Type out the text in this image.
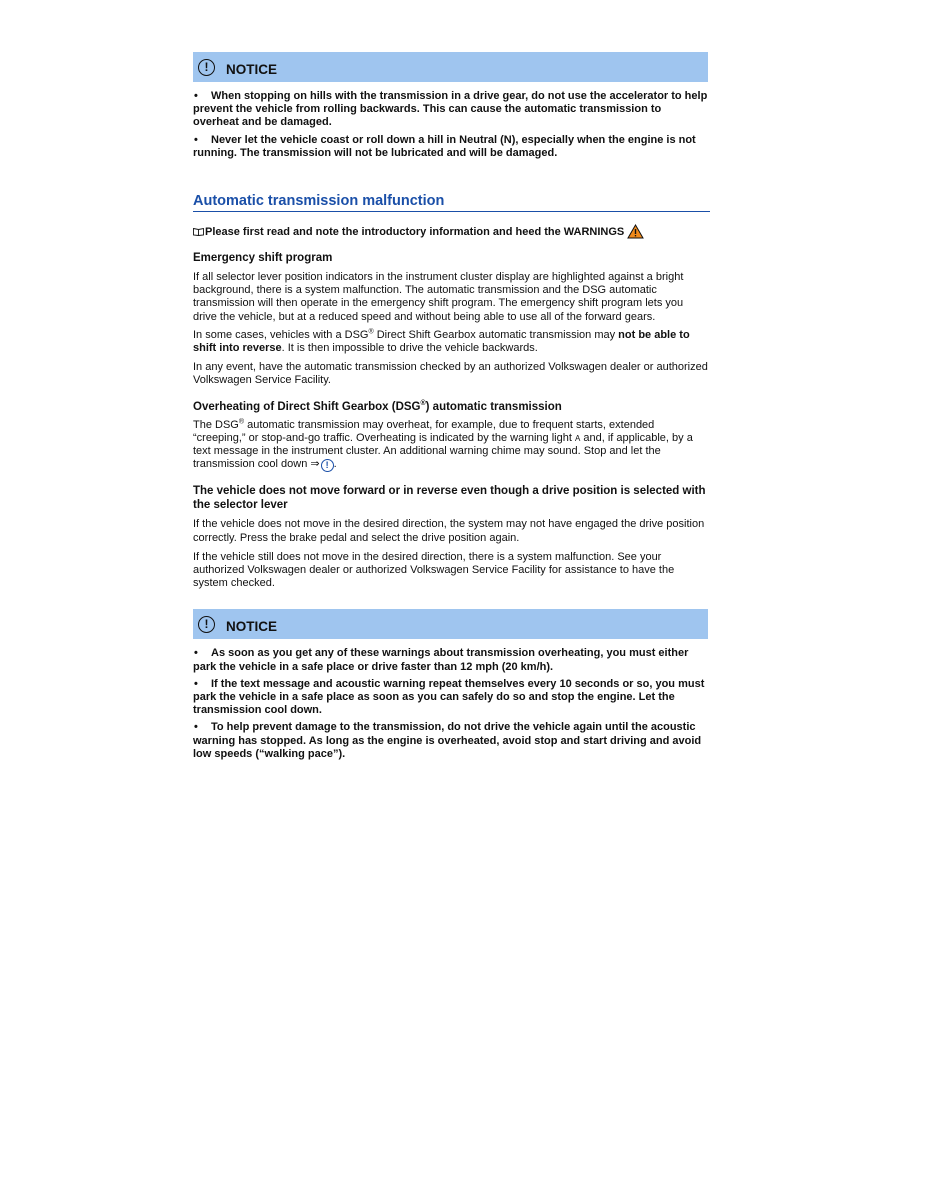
!	NOTICE
• When stopping on hills with the transmission in a drive gear, do not use the accelerator to help prevent the vehicle from rolling backwards. This can cause the automatic transmission to overheat and be damaged.
• Never let the vehicle coast or roll down a hill in Neutral (N), especially when the engine is not running. The transmission will not be lubricated and will be damaged.
Automatic transmission malfunction
Please first read and note the introductory information and heed the WARNINGS
Emergency shift program

If all selector lever position indicators in the instrument cluster display are highlighted against a bright background, there is a system malfunction. The automatic transmission and the DSG automatic transmission will then operate in the emergency shift program. The emergency shift program lets you drive the vehicle, but at a reduced speed and without being able to use all of the forward gears.

In some cases, vehicles with a DSG® Direct Shift Gearbox automatic transmission may not be able to shift into reverse. It is then impossible to drive the vehicle backwards.

In any event, have the automatic transmission checked by an authorized Volkswagen dealer or authorized Volkswagen Service Facility.

Overheating of Direct Shift Gearbox (DSG®) automatic transmission

The DSG® automatic transmission may overheat, for example, due to frequent starts, extended “creeping,” or stop-and-go traffic. Overheating is indicated by the warning light A and, if applicable, by a text message in the instrument cluster. An additional warning chime may sound. Stop and let the transmission cool down ⇒ ! .

The vehicle does not move forward or in reverse even though a drive position is selected with the selector lever

If the vehicle does not move in the desired direction, the system may not have engaged the drive position correctly. Press the brake pedal and select the drive position again.

If the vehicle still does not move in the desired direction, there is a system malfunction. See your authorized Volkswagen dealer or authorized Volkswagen Service Facility for assistance to have the system checked.

!	NOTICE
• As soon as you get any of these warnings about transmission overheating, you must either park the vehicle in a safe place or drive faster than 12 mph (20 km/h).
• If the text message and acoustic warning repeat themselves every 10 seconds or so, you must park the vehicle in a safe place as soon as you can safely do so and stop the engine. Let the transmission cool down.
• To help prevent damage to the transmission, do not drive the vehicle again until the acoustic warning has stopped. As long as the engine is overheated, avoid stop and start driving and avoid low speeds (“walking pace”).
